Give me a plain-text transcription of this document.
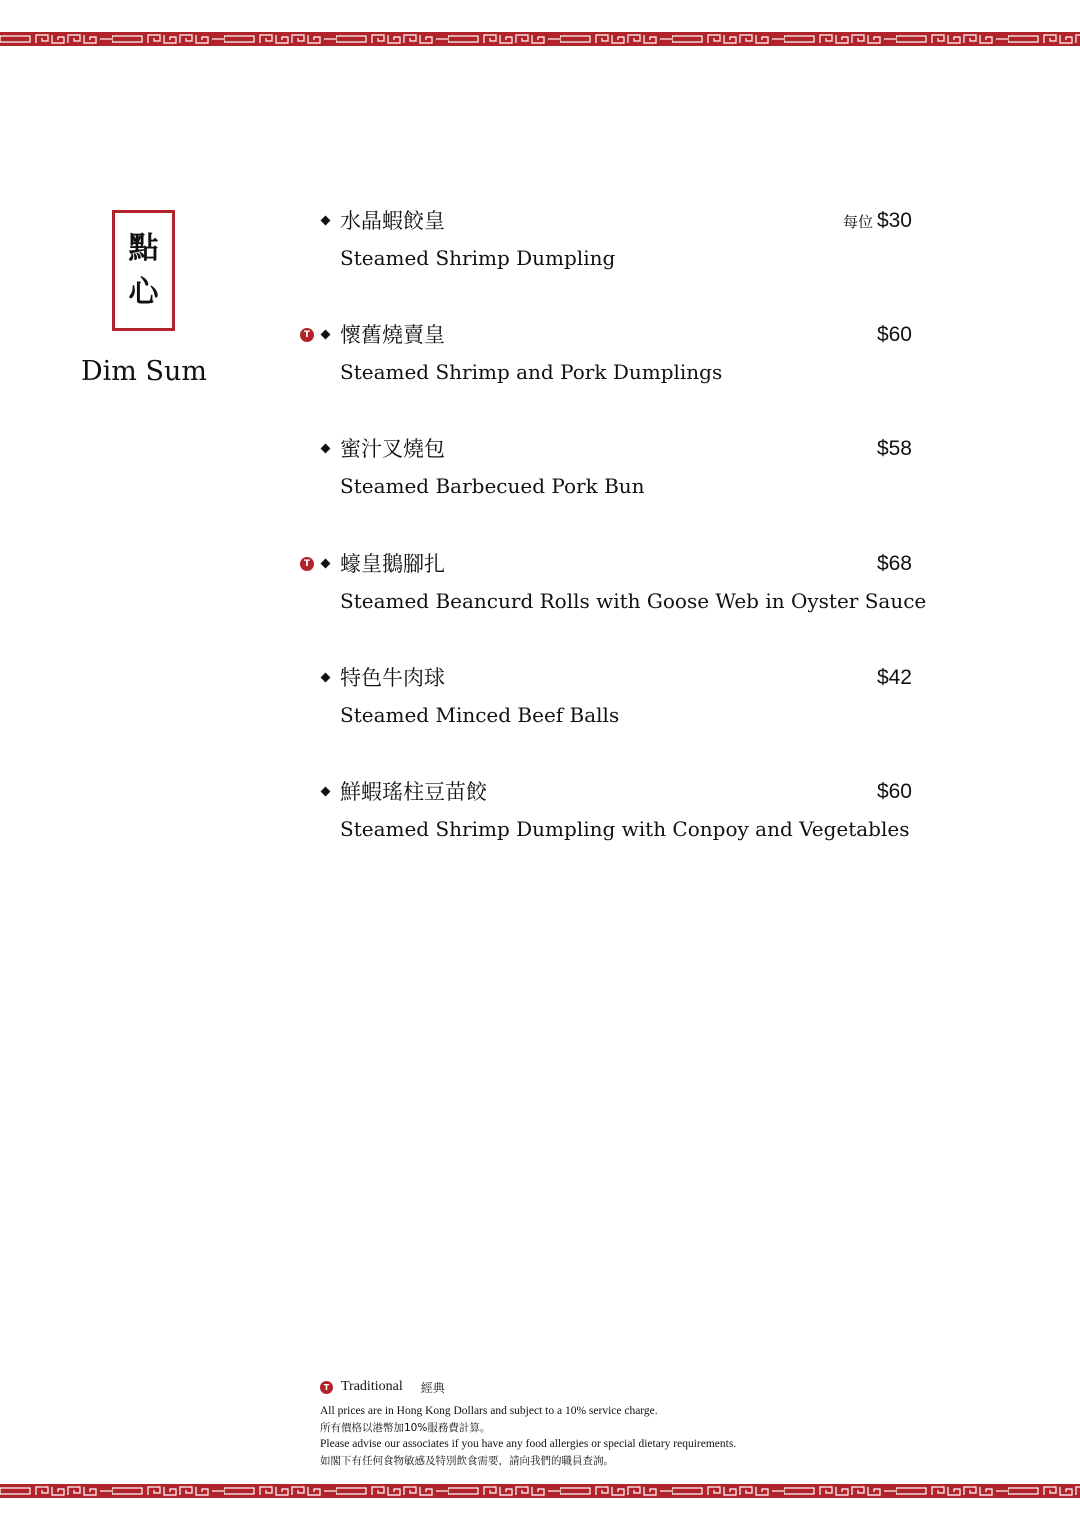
點
心
Dim Sum
水晶蝦餃皇	每位 $30
Steamed Shrimp Dumpling
T 懷舊燒賣皇	$60
Steamed Shrimp and Pork Dumplings
蜜汁叉燒包	$58
Steamed Barbecued Pork Bun
T 蠔皇鵝腳扎	$68
Steamed Beancurd Rolls with Goose Web in Oyster Sauce
特色牛肉球	$42
Steamed Minced Beef Balls
鮮蝦瑤柱豆苗餃	$60
Steamed Shrimp Dumpling with Conpoy and Vegetables
T Traditional 經典
All prices are in Hong Kong Dollars and subject to a 10% service charge.
所有價格以港幣加10%服務費計算。
Please advise our associates if you have any food allergies or special dietary requirements.
如閣下有任何食物敏感及特別飲食需要，請向我們的職員查詢。
